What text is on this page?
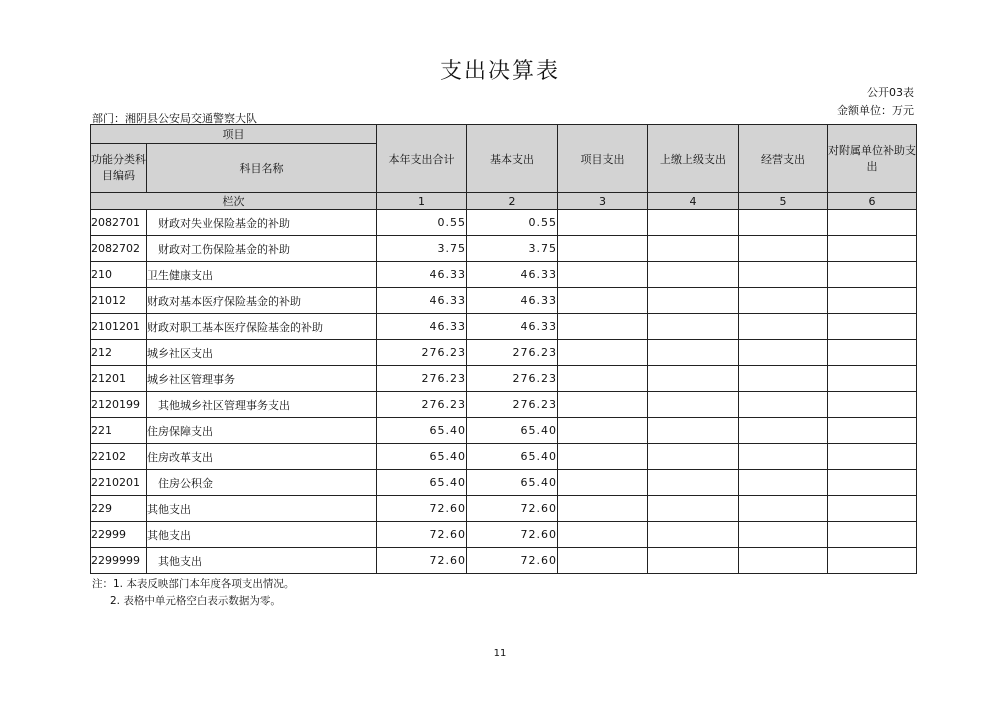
支出决算表
公开03表
部门：湘阴县公安局交通警察大队
金额单位：万元
项目		本年支出合计	基本支出	项目支出	上缴上级支出	经营支出	对附属单位补助支出
功能分类科目编码	科目名称						
栏次		1	2	3	4	5	6
2082701	　财政对失业保险基金的补助	0.55	0.55				
2082702	　财政对工伤保险基金的补助	3.75	3.75				
210	卫生健康支出	46.33	46.33				
21012	财政对基本医疗保险基金的补助	46.33	46.33				
2101201	财政对职工基本医疗保险基金的补助	46.33	46.33				
212	城乡社区支出	276.23	276.23				
21201	城乡社区管理事务	276.23	276.23				
2120199	　其他城乡社区管理事务支出	276.23	276.23				
221	住房保障支出	65.40	65.40				
22102	住房改革支出	65.40	65.40				
2210201	　住房公积金	65.40	65.40				
229	其他支出	72.60	72.60				
22999	其他支出	72.60	72.60				
2299999	　其他支出	72.60	72.60				
注：1. 本表反映部门本年度各项支出情况。
2. 表格中单元格空白表示数据为零。
11
